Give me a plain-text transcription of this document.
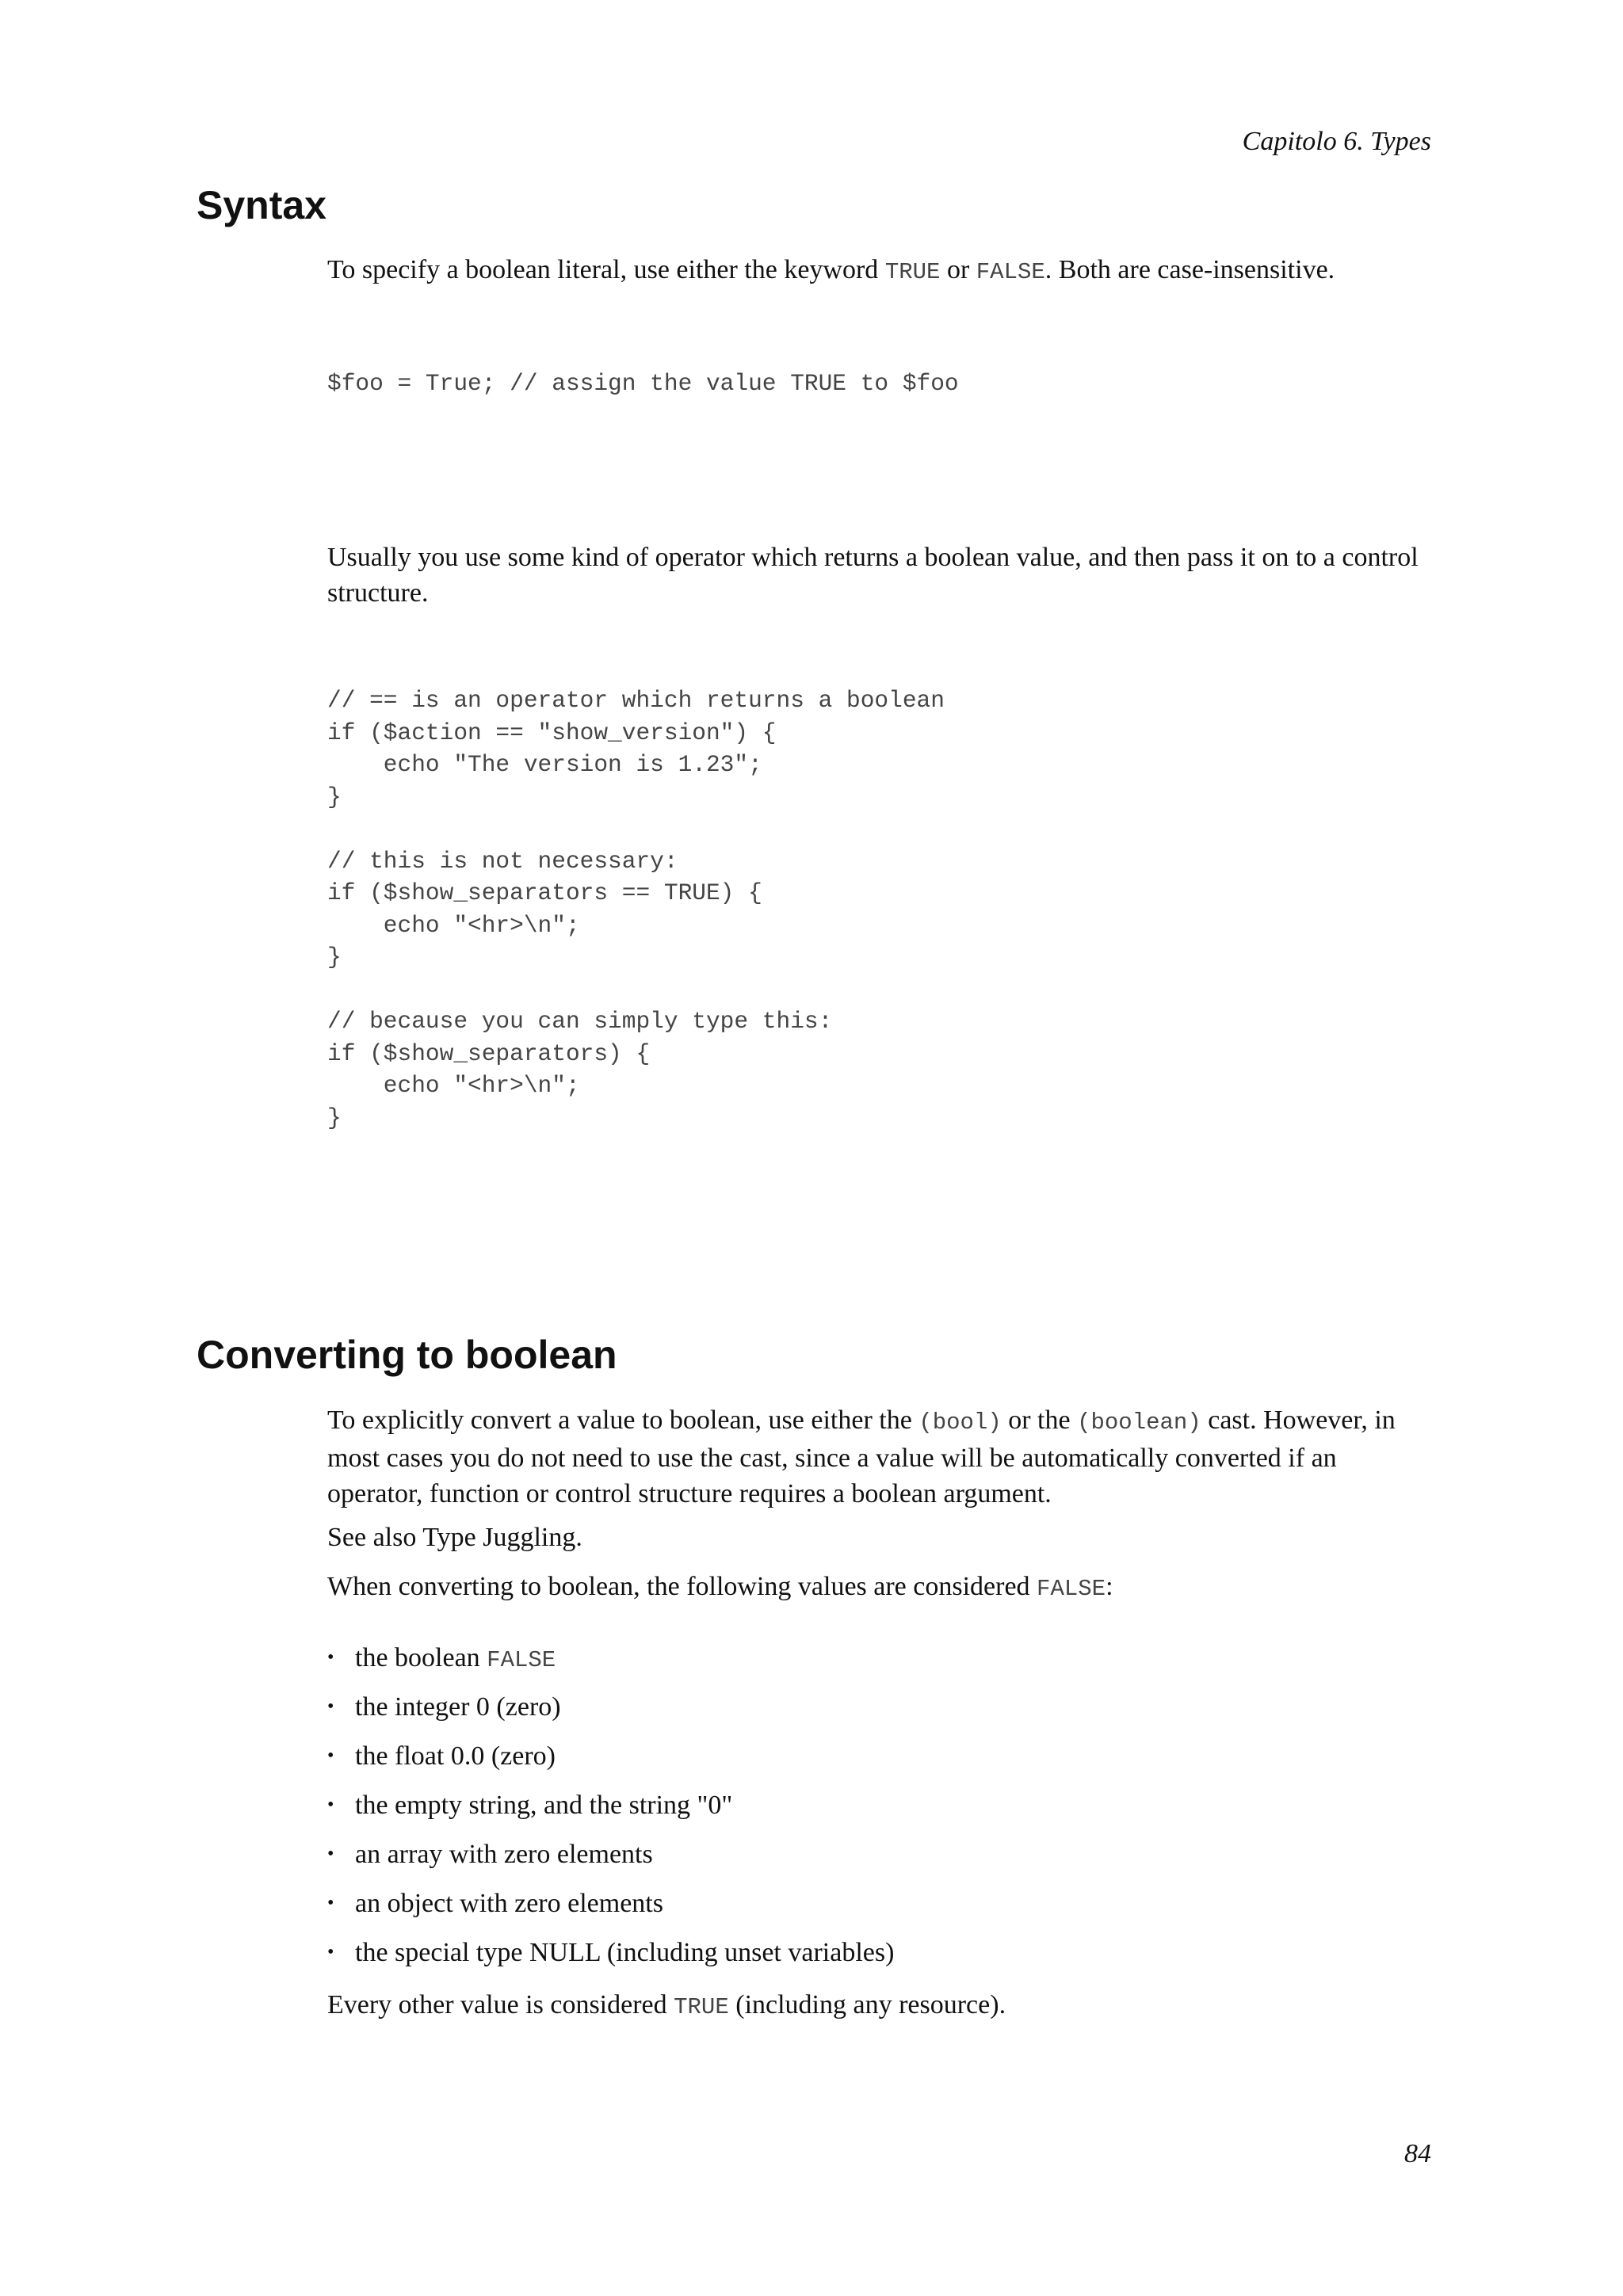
Capitolo 6. Types
Syntax

To specify a boolean literal, use either the keyword TRUE or FALSE. Both are case-insensitive.

$foo = True; // assign the value TRUE to $foo

Usually you use some kind of operator which returns a boolean value, and then pass it on to a control structure.

// == is an operator which returns a boolean
if ($action == "show_version") {
echo "The version is 1.23";
}

// this is not necessary:
if ($show_separators == TRUE) {
echo "<hr>\n";
}

// because you can simply type this:
if ($show_separators) {
echo "<hr>\n";
}
Converting to boolean

To explicitly convert a value to boolean, use either the (bool) or the (boolean) cast. However, in most cases you do not need to use the cast, since a value will be automatically converted if an operator, function or control structure requires a boolean argument.

See also Type Juggling.

When converting to boolean, the following values are considered FALSE:

• the boolean FALSE
• the integer 0 (zero)
• the float 0.0 (zero)
• the empty string, and the string "0"
• an array with zero elements
• an object with zero elements
• the special type NULL (including unset variables)

Every other value is considered TRUE (including any resource).

84
